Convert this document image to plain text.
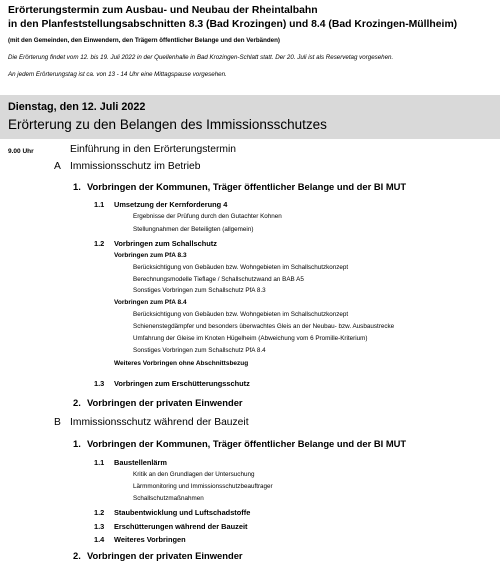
Erörterungstermin zum Ausbau- und Neubau der Rheintalbahn
in den Planfeststellungsabschnitten 8.3 (Bad Krozingen) und 8.4 (Bad Krozingen-Müllheim)
(mit den Gemeinden, den Einwendern, den Trägern öffentlicher Belange und den Verbänden)
Die Erörterung findet vom 12. bis 19. Juli 2022 in der Quellenhalle in Bad Krozingen-Schlatt statt. Der 20. Juli ist als Reservetag vorgesehen.
An jedem Erörterungstag ist ca. von 13 - 14 Uhr eine Mittagspause vorgesehen.
Dienstag, den 12. Juli 2022
Erörterung zu den Belangen des Immissionsschutzes
9.00 Uhr	Einführung in den Erörterungstermin
A Immissionsschutz im Betrieb
1. Vorbringen der Kommunen, Träger öffentlicher Belange und der BI MUT
1.1 Umsetzung der Kernforderung 4
Ergebnisse der Prüfung durch den Gutachter Kohnen
Stellungnahmen der Beteiligten (allgemein)
1.2 Vorbringen zum Schallschutz
Vorbringen zum PfA 8.3
Berücksichtigung von Gebäuden bzw. Wohngebieten im Schallschutzkonzept
Berechnungsmodelle Tieflage / Schallschutzwand an BAB A5
Sonstiges Vorbringen zum Schallschutz PfA 8.3
Vorbringen zum PfA 8.4
Berücksichtigung von Gebäuden bzw. Wohngebieten im Schallschutzkonzept
Schienenstegdämpfer und besonders überwachtes Gleis an der Neubau- bzw. Ausbaustrecke
Umfahrung der Gleise im Knoten Hügelheim (Abweichung vom 6 Promille-Kriterium)
Sonstiges Vorbringen zum Schallschutz PfA 8.4
Weiteres Vorbringen ohne Abschnittsbezug
1.3 Vorbringen zum Erschütterungsschutz
2. Vorbringen der privaten Einwender
B Immissionsschutz während der Bauzeit
1. Vorbringen der Kommunen, Träger öffentlicher Belange und der BI MUT
1.1 Baustellenlärm
Kritik an den Grundlagen der Untersuchung
Lärmmonitoring und Immissionsschutzbeauftrager
Schallschutzmaßnahmen
1.2 Staubentwicklung und Luftschadstoffe
1.3 Erschütterungen während der Bauzeit
1.4 Weiteres Vorbringen
2. Vorbringen der privaten Einwender
